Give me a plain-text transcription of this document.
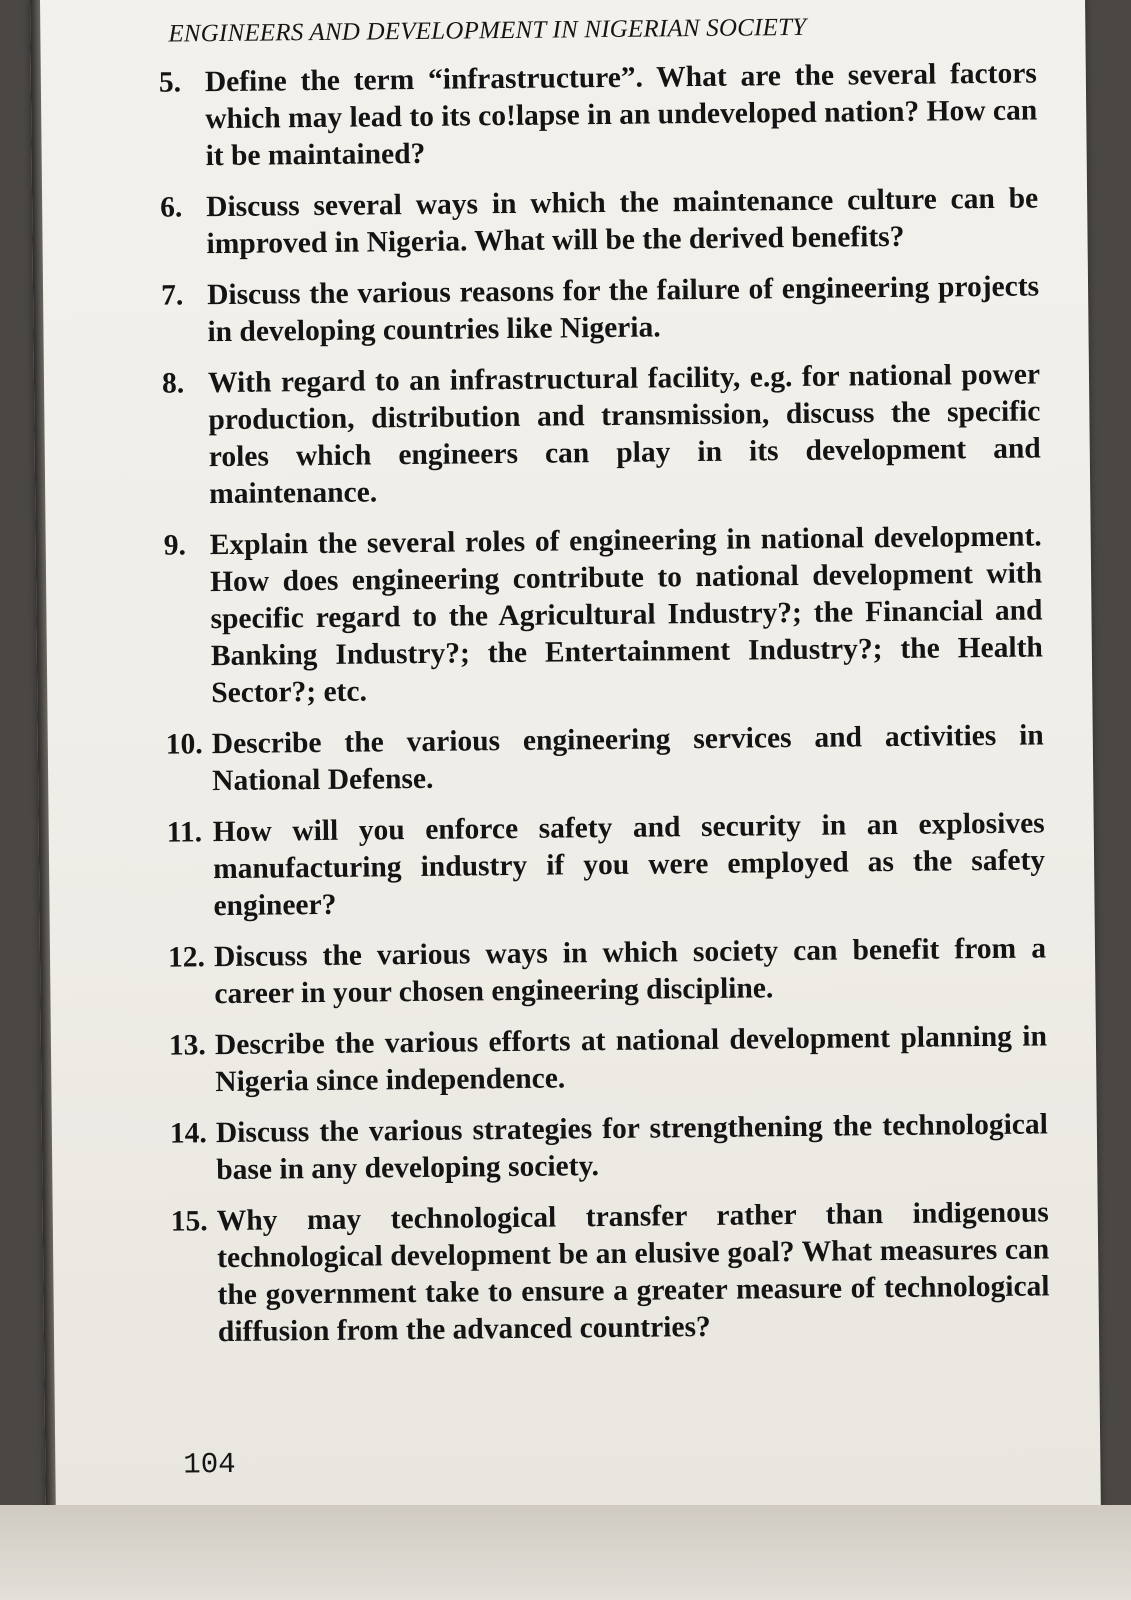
ENGINEERS AND DEVELOPMENT IN NIGERIAN SOCIETY
5. Define the term “infrastructure”. What are the several factors which may lead to its co!lapse in an undeveloped nation? How can it be maintained?
6. Discuss several ways in which the maintenance culture can be improved in Nigeria. What will be the derived benefits?
7. Discuss the various reasons for the failure of engineering projects in developing countries like Nigeria.
8. With regard to an infrastructural facility, e.g. for national power production, distribution and transmission, discuss the specific roles which engineers can play in its development and maintenance.
9. Explain the several roles of engineering in national development. How does engineering contribute to national development with specific regard to the Agricultural Industry?; the Financial and Banking Industry?; the Entertainment Industry?; the Health Sector?; etc.
10. Describe the various engineering services and activities in National Defense.
11. How will you enforce safety and security in an explosives manufacturing industry if you were employed as the safety engineer?
12. Discuss the various ways in which society can benefit from a career in your chosen engineering discipline.
13. Describe the various efforts at national development planning in Nigeria since independence.
14. Discuss the various strategies for strengthening the technological base in any developing society.
15. Why may technological transfer rather than indigenous technological development be an elusive goal? What measures can the government take to ensure a greater measure of technological diffusion from the advanced countries?
104
